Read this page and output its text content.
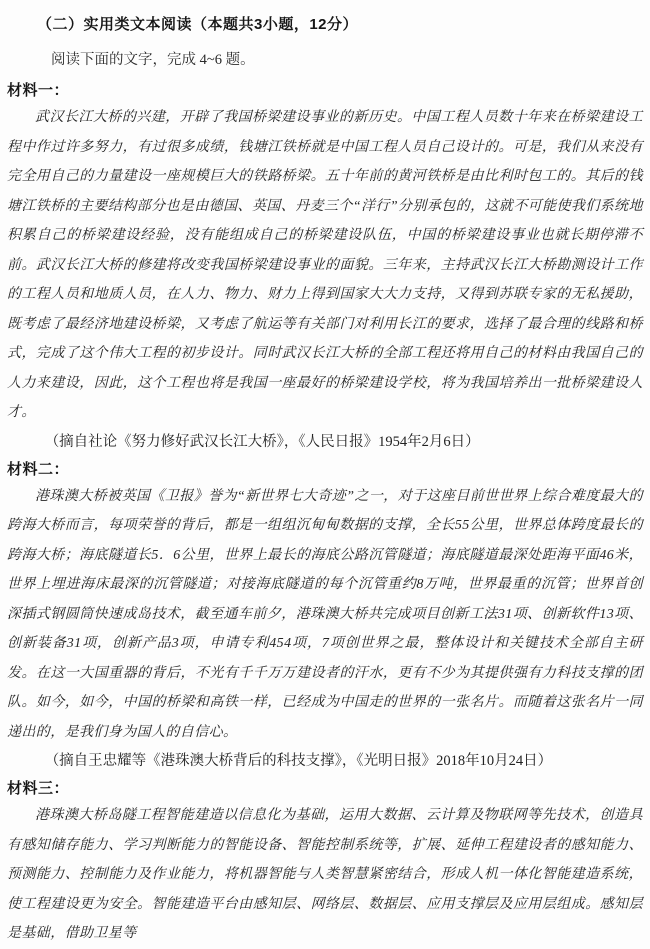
（二）实用类文本阅读（本题共3小题，12分）
阅读下面的文字，完成 4~6 题。
材料一：

武汉长江大桥的兴建，开辟了我国桥梁建设事业的新历史。中国工程人员数十年来在桥梁建设工程中作过许多努力，有过很多成绩，钱塘江铁桥就是中国工程人员自己设计的。可是，我们从来没有完全用自己的力量建设一座规模巨大的铁路桥梁。五十年前的黄河铁桥是由比利时包工的。其后的钱塘江铁桥的主要结构部分也是由德国、英国、丹麦三个“洋行”分别承包的，这就不可能使我们系统地积累自己的桥梁建设经验，没有能组成自己的桥梁建设队伍，中国的桥梁建设事业也就长期停滞不前。武汉长江大桥的修建将改变我国桥梁建设事业的面貌。三年来，主持武汉长江大桥勘测设计工作的工程人员和地质人员，在人力、物力、财力上得到国家大大力支持，又得到苏联专家的无私援助，既考虑了最经济地建设桥梁，又考虑了航运等有关部门对利用长江的要求，选择了最合理的线路和桥式，完成了这个伟大工程的初步设计。同时武汉长江大桥的全部工程还将用自己的材料由我国自己的人力来建设，因此，这个工程也将是我国一座最好的桥梁建设学校，将为我国培养出一批桥梁建设人才。

（摘自社论《努力修好武汉长江大桥》，《人民日报》1954年2月6日）
材料二：

港珠澳大桥被英国《卫报》誉为“新世界七大奇迹”之一，对于这座目前世世界上综合难度最大的跨海大桥而言，每项荣誉的背后，都是一组组沉甸甸数据的支撑，全长55公里，世界总体跨度最长的跨海大桥；海底隧道长5．6公里，世界上最长的海底公路沉管隧道；海底隧道最深处距海平面46米，世界上埋进海床最深的沉管隧道；对接海底隧道的每个沉管重约8万吨，世界最重的沉管；世界首创深插式钢圆筒快速成岛技术，截至通车前夕，港珠澳大桥共完成项目创新工法31项、创新软件13项、创新装备31项，创新产品3项，申请专利454项，7项创世界之最，整体设计和关键技术全部自主研发。在这一大国重器的背后，不光有千千万万建设者的汗水，更有不少为其提供强有力科技支撑的团队。如今，如今，中国的桥梁和高铁一样，已经成为中国走的世界的一张名片。而随着这张名片一同递出的，是我们身为国人的自信心。

（摘自王忠耀等《港珠澳大桥背后的科技支撑》，《光明日报》2018年10月24日）
材料三：

港珠澳大桥岛隧工程智能建造以信息化为基础，运用大数据、云计算及物联网等先技术，创造具有感知储存能力、学习判断能力的智能设备、智能控制系统等，扩展、延伸工程建设者的感知能力、预测能力、控制能力及作业能力，将机器智能与人类智慧紧密结合，形成人机一体化智能建造系统，使工程建设更为安全。智能建造平台由感知层、网络层、数据层、应用支撑层及应用层组成。感知层是基础，借助卫星等
